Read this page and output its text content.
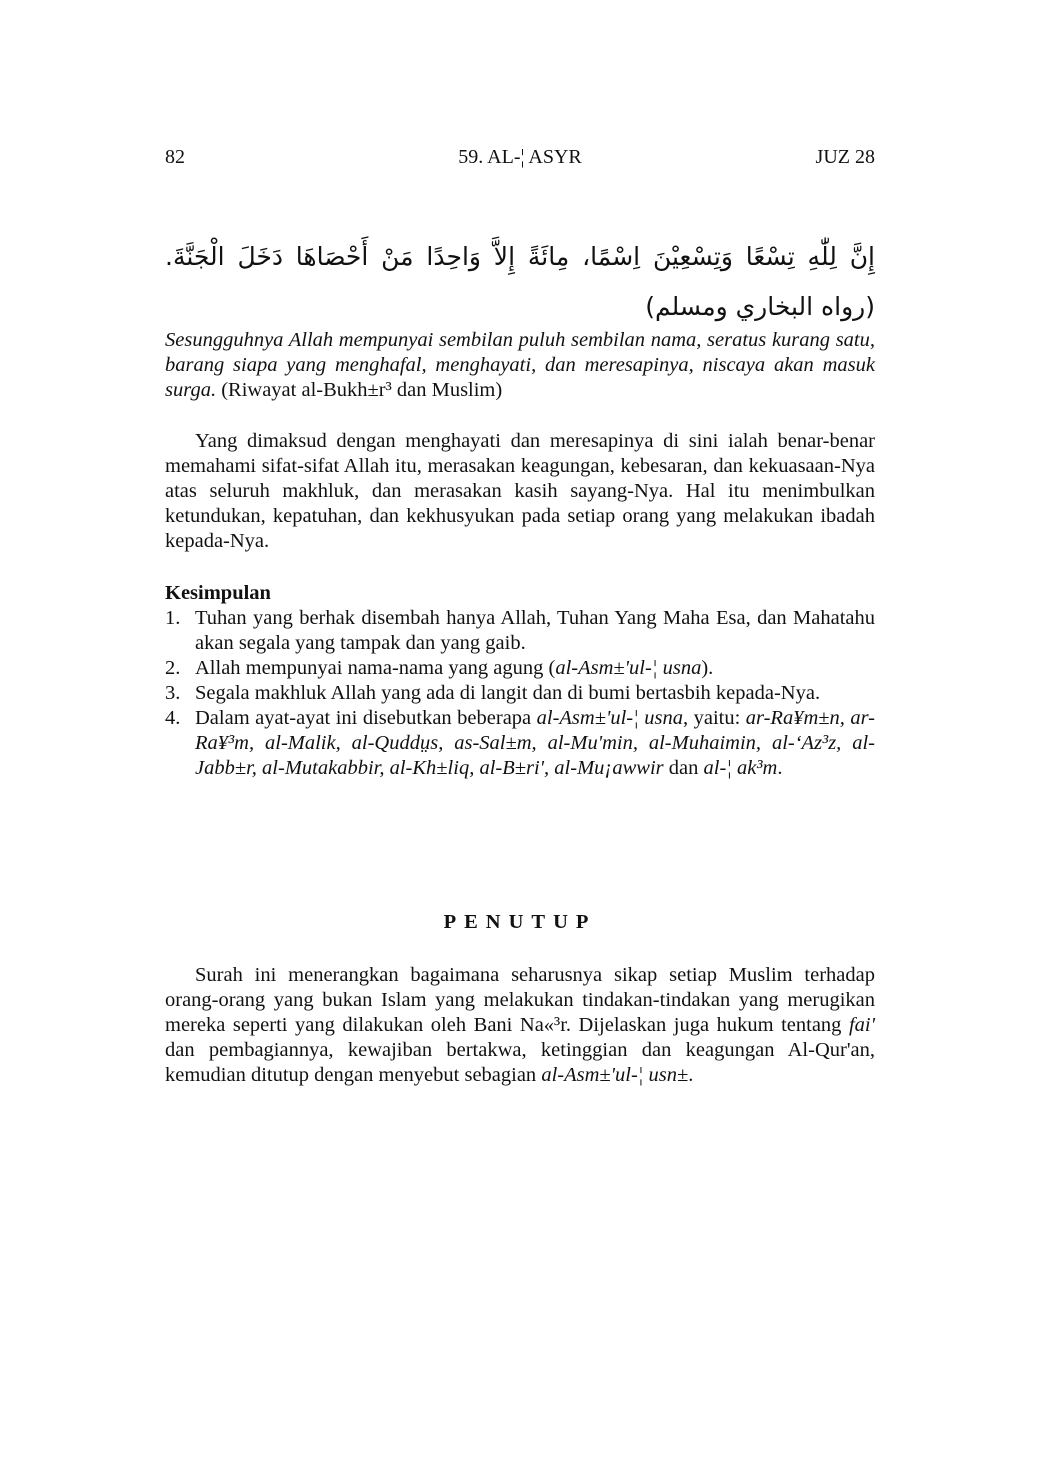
82	59. AL-¦ ASYR	JUZ 28
إِنَّ لِلّٰهِ تِسْعًا وَتِسْعِيْنَ اِسْمًا، مِائَةً إِلاَّ وَاحِدًا مَنْ أَحْصَاهَا دَخَلَ الْجَنَّةَ. (رواه البخاري ومسلم)
Sesungguhnya Allah mempunyai sembilan puluh sembilan nama, seratus kurang satu, barang siapa yang menghafal, menghayati, dan meresapinya, niscaya akan masuk surga. (Riwayat al-Bukh±r³ dan Muslim)

Yang dimaksud dengan menghayati dan meresapinya di sini ialah benar-benar memahami sifat-sifat Allah itu, merasakan keagungan, kebesaran, dan kekuasaan-Nya atas seluruh makhluk, dan merasakan kasih sayang-Nya. Hal itu menimbulkan ketundukan, kepatuhan, dan kekhusyukan pada setiap orang yang melakukan ibadah kepada-Nya.

Kesimpulan
1. Tuhan yang berhak disembah hanya Allah, Tuhan Yang Maha Esa, dan Mahatahu akan segala yang tampak dan yang gaib.
2. Allah mempunyai nama-nama yang agung (al-Asm±'ul-¦ usna).
3. Segala makhluk Allah yang ada di langit dan di bumi bertasbih kepada-Nya.
4. Dalam ayat-ayat ini disebutkan beberapa al-Asm±'ul-¦ usna, yaitu: ar-Ra¥m±n, ar-Ra¥³m, al-Malik, al-Quddṳs, as-Sal±m, al-Mu'min, al-Muhaimin, al-‘Az³z, al-Jabb±r, al-Mutakabbir, al-Kh±liq, al-B±ri', al-Mu¡awwir dan al-¦ ak³m.
PENUTUP

Surah ini menerangkan bagaimana seharusnya sikap setiap Muslim terhadap orang-orang yang bukan Islam yang melakukan tindakan-tindakan yang merugikan mereka seperti yang dilakukan oleh Bani Na«³r. Dijelaskan juga hukum tentang fai' dan pembagiannya, kewajiban bertakwa, ketinggian dan keagungan Al-Qur'an, kemudian ditutup dengan menyebut sebagian al-Asm±'ul-¦ usn±.
